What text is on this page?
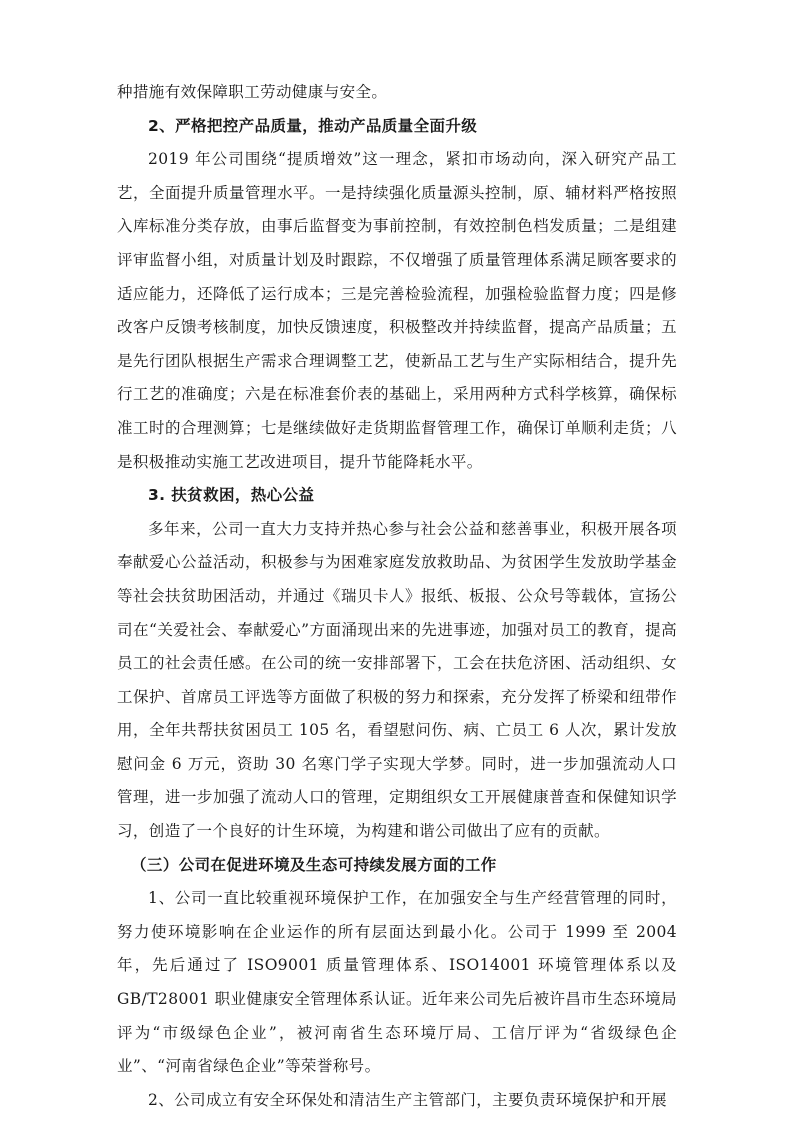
种措施有效保障职工劳动健康与安全。

2、严格把控产品质量，推动产品质量全面升级

2019 年公司围绕“提质增效”这一理念，紧扣市场动向，深入研究产品工艺，全面提升质量管理水平。一是持续强化质量源头控制，原、辅材料严格按照入库标准分类存放，由事后监督变为事前控制，有效控制色档发质量；二是组建评审监督小组，对质量计划及时跟踪，不仅增强了质量管理体系满足顾客要求的适应能力，还降低了运行成本；三是完善检验流程，加强检验监督力度；四是修改客户反馈考核制度，加快反馈速度，积极整改并持续监督，提高产品质量；五是先行团队根据生产需求合理调整工艺，使新品工艺与生产实际相结合，提升先行工艺的准确度；六是在标准套价表的基础上，采用两种方式科学核算，确保标准工时的合理测算；七是继续做好走货期监督管理工作，确保订单顺利走货；八是积极推动实施工艺改进项目，提升节能降耗水平。

3. 扶贫救困，热心公益

多年来，公司一直大力支持并热心参与社会公益和慈善事业，积极开展各项奉献爱心公益活动，积极参与为困难家庭发放救助品、为贫困学生发放助学基金等社会扶贫助困活动，并通过《瑞贝卡人》报纸、板报、公众号等载体，宣扬公司在“关爱社会、奉献爱心”方面涌现出来的先进事迹，加强对员工的教育，提高员工的社会责任感。在公司的统一安排部署下，工会在扶危济困、活动组织、女工保护、首席员工评选等方面做了积极的努力和探索，充分发挥了桥梁和纽带作用，全年共帮扶贫困员工 105 名，看望慰问伤、病、亡员工 6 人次，累计发放慰问金 6 万元，资助 30 名寒门学子实现大学梦。同时，进一步加强流动人口管理，进一步加强了流动人口的管理，定期组织女工开展健康普查和保健知识学习，创造了一个良好的计生环境，为构建和谐公司做出了应有的贡献。

（三）公司在促进环境及生态可持续发展方面的工作

1、公司一直比较重视环境保护工作，在加强安全与生产经营管理的同时，努力使环境影响在企业运作的所有层面达到最小化。公司于 1999 至 2004 年，先后通过了 ISO9001 质量管理体系、ISO14001 环境管理体系以及 GB/T28001 职业健康安全管理体系认证。近年来公司先后被许昌市生态环境局评为“市级绿色企业”，被河南省生态环境厅局、工信厅评为“省级绿色企业”、“河南省绿色企业”等荣誉称号。

2、公司成立有安全环保处和清洁生产主管部门，主要负责环境保护和开展
